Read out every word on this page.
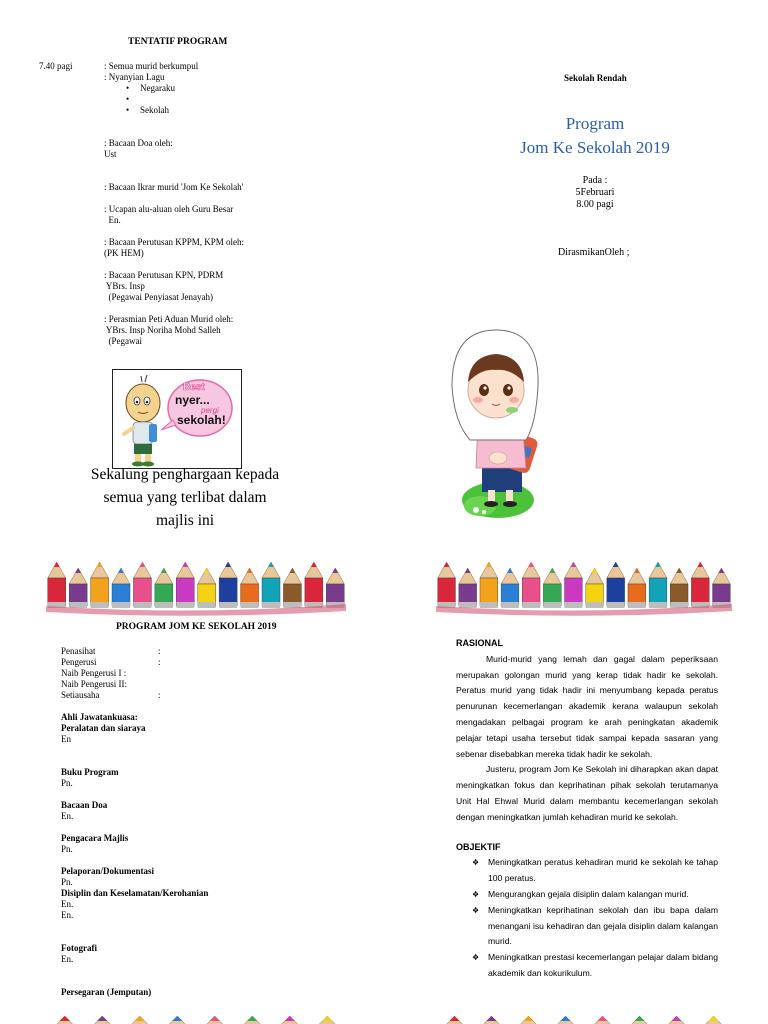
TENTATIF PROGRAM
7.40 pagi	: Semua murid berkumpul
: Nyanyian Lagu
• Negaraku
•
• Sekolah
: Bacaan Doa oleh:
Ust
: Bacaan Ikrar murid 'Jom Ke Sekolah'
: Ucapan alu-aluan oleh Guru Besar
En.
: Bacaan Perutusan KPPM, KPM oleh:
(PK HEM)
: Bacaan Perutusan KPN, PDRM
YBrs. Insp
(Pegawai Penyiasat Jenayah)
: Perasmian Peti Aduan Murid oleh:
YBrs. Insp Noriha Mohd Salleh
(Pegawai
Best
nyer...
pergi
sekolah!
Sekalung penghargaan kepada
semua yang terlibat dalam
majlis ini
Sekolah Rendah
Program
Jom Ke Sekolah 2019
Pada :
5Februari
8.00 pagi
DirasmikanOleh ;
PROGRAM JOM KE SEKOLAH 2019
Penasihat	:
Pengerusi	:
Naib Pengerusi I :
Naib Pengerusi II:
Setiausaha	:
Ahli Jawatankuasa:
Peralatan dan siaraya
En
Buku Program
Pn.
Bacaan Doa
En.
Pengacara Majlis
Pn.
Pelaporan/Dokumentasi
Pn.
Disiplin dan Keselamatan/Kerohanian
En.
En.
Fotografi
En.
Persegaran (Jemputan)
RASIONAL

Murid-murid yang lemah dan gagal dalam peperiksaan merupakan golongan murid yang kerap tidak hadir ke sekolah. Peratus murid yang tidak hadir ini menyumbang kepada peratus penurunan kecemerlangan akademik kerana walaupun sekolah mengadakan pelbagai program ke arah peningkatan akademik pelajar tetapi usaha tersebut tidak sampai kepada sasaran yang sebenar disebabkan mereka tidak hadir ke sekolah.

Justeru, program Jom Ke Sekolah ini diharapkan akan dapat meningkatkan fokus dan keprihatinan pihak sekolah terutamanya Unit Hal Ehwal Murid dalam membantu kecemerlangan sekolah dengan meningkatkan jumlah kehadiran murid ke sekolah.

OBJEKTIF
❖ Meningkatkan peratus kehadiran murid ke sekolah ke tahap 100 peratus.
❖ Mengurangkan gejala disiplin dalam kalangan murid.
❖ Meningkatkan keprihatinan sekolah dan ibu bapa dalam menangani isu kehadiran dan gejala disiplin dalam kalangan murid.
❖ Meningkatkan prestasi kecemerlangan pelajar dalam bidang akademik dan kokurikulum.
